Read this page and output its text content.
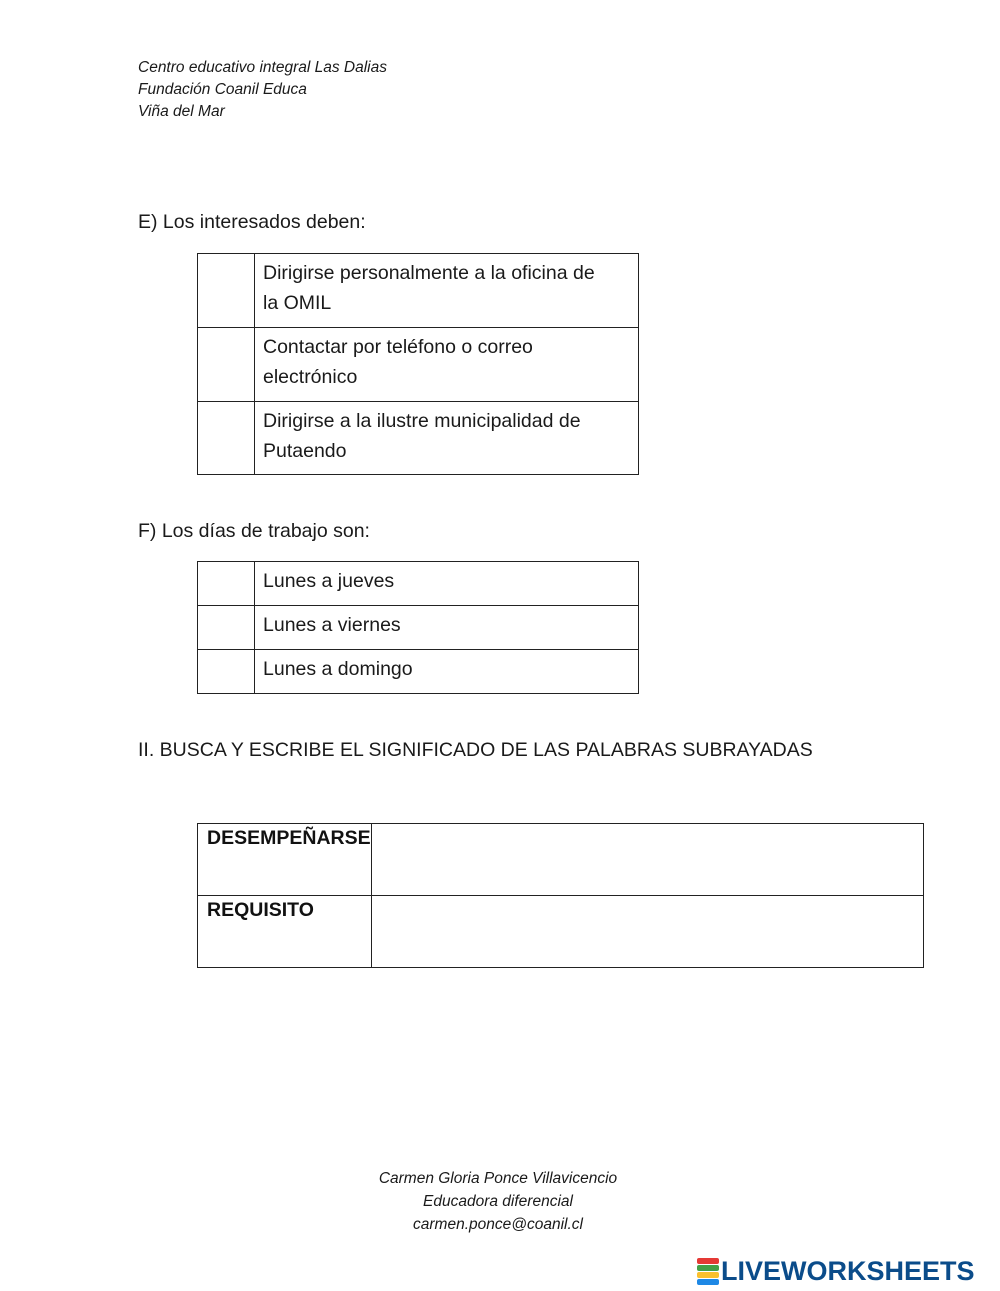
Centro educativo integral Las Dalias
Fundación Coanil Educa
Viña del Mar
E) Los interesados deben:

	Dirigirse personalmente a la oficina de
la OMIL

	Contactar por teléfono o correo
electrónico

	Dirigirse a la ilustre municipalidad de
Putaendo
F) Los días de trabajo son:
	Lunes a jueves
	Lunes a viernes
	Lunes a domingo
II. BUSCA Y ESCRIBE EL SIGNIFICADO DE LAS PALABRAS SUBRAYADAS
DESEMPEÑARSE	
REQUISITO	
Carmen Gloria Ponce Villavicencio
Educadora diferencial
carmen.ponce@coanil.cl
LIVEWORKSHEETS
